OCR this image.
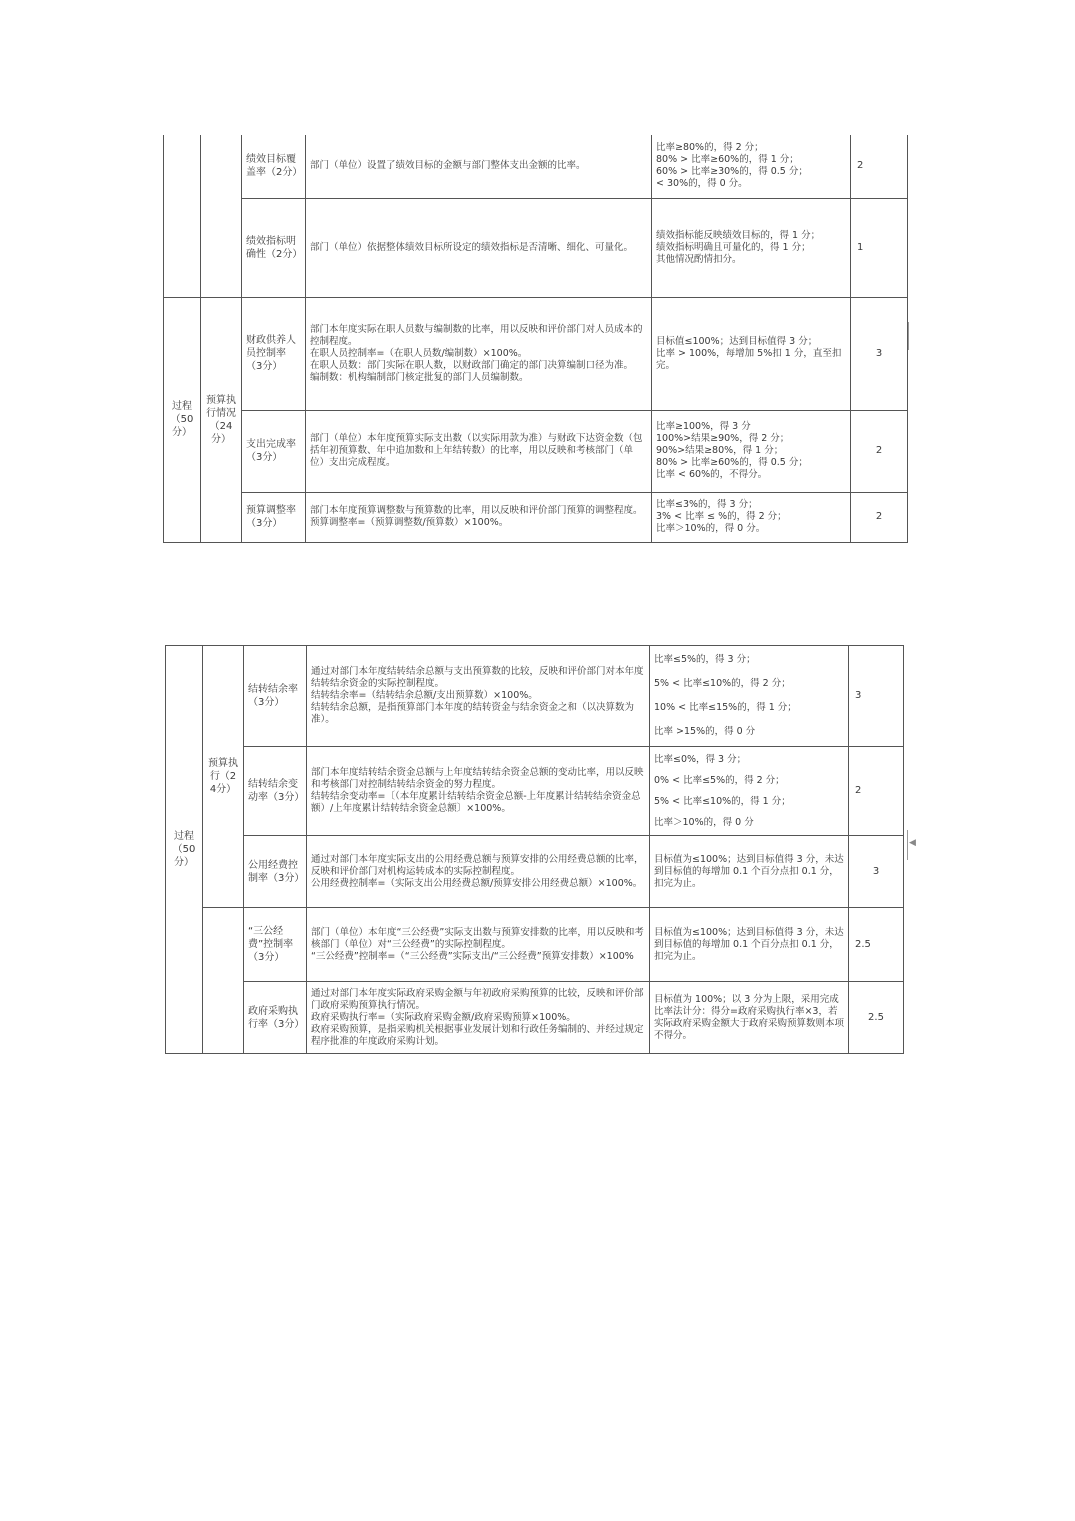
		绩效目标覆盖率（2分）	部门（单位）设置了绩效目标的金额与部门整体支出金额的比率。	比率≥80%的，得 2 分；
80% > 比率≥60%的，得 1 分；
60% > 比率≥30%的，得 0.5 分；
< 30%的，得 0 分。	2
		绩效指标明确性（2分）	部门（单位）依据整体绩效目标所设定的绩效指标是否清晰、细化、可量化。	绩效指标能反映绩效目标的，得 1 分；
绩效指标明确且可量化的，得 1 分；
其他情况酌情扣分。	1
过程（50分）	预算执行情况（24分）	财政供养人员控制率（3分）	部门本年度实际在职人员数与编制数的比率，用以反映和评价部门对人员成本的控制程度。
在职人员控制率=（在职人员数/编制数）×100%。
在职人员数：部门实际在职人数，以财政部门确定的部门决算编制口径为准。
编制数：机构编制部门核定批复的部门人员编制数。	目标值≤100%；达到目标值得 3 分；
比率 > 100%，每增加 5%扣 1 分，直至扣完。	3
		支出完成率（3分）	部门（单位）本年度预算实际支出数（以实际用款为准）与财政下达资金数（包括年初预算数、年中追加数和上年结转数）的比率，用以反映和考核部门（单位）支出完成程度。	比率≥100%，得 3 分
100%>结果≥90%，得 2 分；
90%>结果≥80%，得 1 分；
80% > 比率≥60%的，得 0.5 分；
比率 < 60%的，不得分。	2
		预算调整率（3分）	部门本年度预算调整数与预算数的比率，用以反映和评价部门预算的调整程度。
预算调整率=（预算调整数/预算数）×100%。	比率≤3%的，得 3 分；
3% < 比率 ≤ %的，得 2 分；
比率＞10%的，得 0 分。	2
过程（50分）	预算执行（24分）	结转结余率（3分）	通过对部门本年度结转结余总额与支出预算数的比较，反映和评价部门对本年度结转结余资金的实际控制程度。
结转结余率=（结转结余总额/支出预算数）×100%。
结转结余总额，是指预算部门本年度的结转资金与结余资金之和（以决算数为准）。	比率≤5%的，得 3 分；
5% < 比率≤10%的，得 2 分；
10% < 比率≤15%的，得 1 分；
比率 >15%的，得 0 分	3
		结转结余变动率（3分）	部门本年度结转结余资金总额与上年度结转结余资金总额的变动比率，用以反映和考核部门对控制结转结余资金的努力程度。
结转结余变动率=〔（本年度累计结转结余资金总额-上年度累计结转结余资金总额）/上年度累计结转结余资金总额〕×100%。	比率≤0%，得 3 分；
0% < 比率≤5%的，得 2 分；
5% < 比率≤10%的，得 1 分；
比率＞10%的，得 0 分	2
		公用经费控制率（3分）	通过对部门本年度实际支出的公用经费总额与预算安排的公用经费总额的比率，反映和评价部门对机构运转成本的实际控制程度。
公用经费控制率=（实际支出公用经费总额/预算安排公用经费总额）×100%。	目标值为≤100%；达到目标值得 3 分，未达到目标值的每增加 0.1 个百分点扣 0.1 分，扣完为止。	3
		“三公经费”控制率（3分）	部门（单位）本年度“三公经费”实际支出数与预算安排数的比率，用以反映和考核部门（单位）对“三公经费”的实际控制程度。
“三公经费”控制率=（“三公经费”实际支出/“三公经费”预算安排数）×100%	目标值为≤100%；达到目标值得 3 分，未达到目标值的每增加 0.1 个百分点扣 0.1 分，扣完为止。	2.5
		政府采购执行率（3分）	通过对部门本年度实际政府采购金额与年初政府采购预算的比较，反映和评价部门政府采购预算执行情况。
政府采购执行率=（实际政府采购金额/政府采购预算×100%。
政府采购预算，是指采购机关根据事业发展计划和行政任务编制的、并经过规定程序批准的年度政府采购计划。	目标值为 100%；以 3 分为上限，采用完成比率法计分：得分=政府采购执行率×3，若实际政府采购金额大于政府采购预算数则本项不得分。	2.5
◀
